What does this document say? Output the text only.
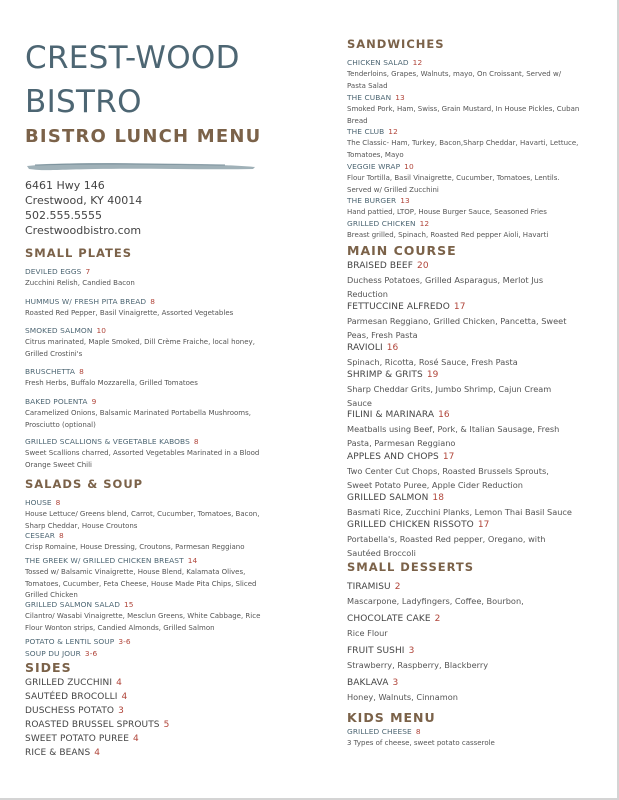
CREST-WOOD
BISTRO
BISTRO LUNCH MENU
6461 Hwy 146
Crestwood, KY 40014
502.555.5555
Crestwoodbistro.com
SMALL PLATES
DEVILED EGGS 7
Zucchini Relish, Candied Bacon
HUMMUS W/ FRESH PITA BREAD 8
Roasted Red Pepper, Basil Vinaigrette, Assorted Vegetables
SMOKED SALMON 10
Citrus marinated, Maple Smoked, Dill Crème Fraiche, local honey,
Grilled Crostini's
BRUSCHETTA 8
Fresh Herbs, Buffalo Mozzarella, Grilled Tomatoes
BAKED POLENTA 9
Caramelized Onions, Balsamic Marinated Portabella Mushrooms,
Prosciutto (optional)
GRILLED SCALLIONS & VEGETABLE KABOBS 8
Sweet Scallions charred, Assorted Vegetables Marinated in a Blood
Orange Sweet Chili
SALADS & SOUP
HOUSE 8
House Lettuce/ Greens blend, Carrot, Cucumber, Tomatoes, Bacon,
Sharp Cheddar, House Croutons
CESEAR 8
Crisp Romaine, House Dressing, Croutons, Parmesan Reggiano
THE GREEK W/ GRILLED CHICKEN BREAST 14
Tossed w/ Balsamic Vinaigrette, House Blend, Kalamata Olives,
Tomatoes, Cucumber, Feta Cheese, House Made Pita Chips, Sliced
Grilled Chicken
GRILLED SALMON SALAD 15
Cilantro/ Wasabi Vinaigrette, Mesclun Greens, White Cabbage, Rice
Flour Wonton strips, Candied Almonds, Grilled Salmon
POTATO & LENTIL SOUP 3-6
SOUP DU JOUR 3-6
SIDES
GRILLED ZUCCHINI 4
SAUTÉED BROCOLLI 4
DUSCHESS POTATO 3
ROASTED BRUSSEL SPROUTS 5
SWEET POTATO PUREE 4
RICE & BEANS 4
SANDWICHES
CHICKEN SALAD 12
Tenderloins, Grapes, Walnuts, mayo, On Croissant, Served w/
Pasta Salad
THE CUBAN 13
Smoked Pork, Ham, Swiss, Grain Mustard, In House Pickles, Cuban
Bread
THE CLUB 12
The Classic- Ham, Turkey, Bacon,Sharp Cheddar, Havarti, Lettuce,
Tomatoes, Mayo
VEGGIE WRAP 10
Flour Tortilla, Basil Vinaigrette, Cucumber, Tomatoes, Lentils.
Served w/ Grilled Zucchini
THE BURGER 13
Hand pattied, LTOP, House Burger Sauce, Seasoned Fries
GRILLED CHICKEN 12
Breast grilled, Spinach, Roasted Red pepper Aioli, Havarti
MAIN COURSE
BRAISED BEEF 20
Duchess Potatoes, Grilled Asparagus, Merlot Jus
Reduction
FETTUCCINE ALFREDO 17
Parmesan Reggiano, Grilled Chicken, Pancetta, Sweet
Peas, Fresh Pasta
RAVIOLI 16
Spinach, Ricotta, Rosé Sauce, Fresh Pasta
SHRIMP & GRITS 19
Sharp Cheddar Grits, Jumbo Shrimp, Cajun Cream
Sauce
FILINI & MARINARA 16
Meatballs using Beef, Pork, & Italian Sausage, Fresh
Pasta, Parmesan Reggiano
APPLES AND CHOPS 17
Two Center Cut Chops, Roasted Brussels Sprouts,
Sweet Potato Puree, Apple Cider Reduction
GRILLED SALMON 18
Basmati Rice, Zucchini Planks, Lemon Thai Basil Sauce
GRILLED CHICKEN RISSOTO 17
Portabella's, Roasted Red pepper, Oregano, with
Sautéed Broccoli
SMALL DESSERTS
TIRAMISU 2
Mascarpone, Ladyfingers, Coffee, Bourbon,
CHOCOLATE CAKE 2
Rice Flour
FRUIT SUSHI 3
Strawberry, Raspberry, Blackberry
BAKLAVA 3
Honey, Walnuts, Cinnamon
KIDS MENU
GRILLED CHEESE 8
3 Types of cheese, sweet potato casserole
